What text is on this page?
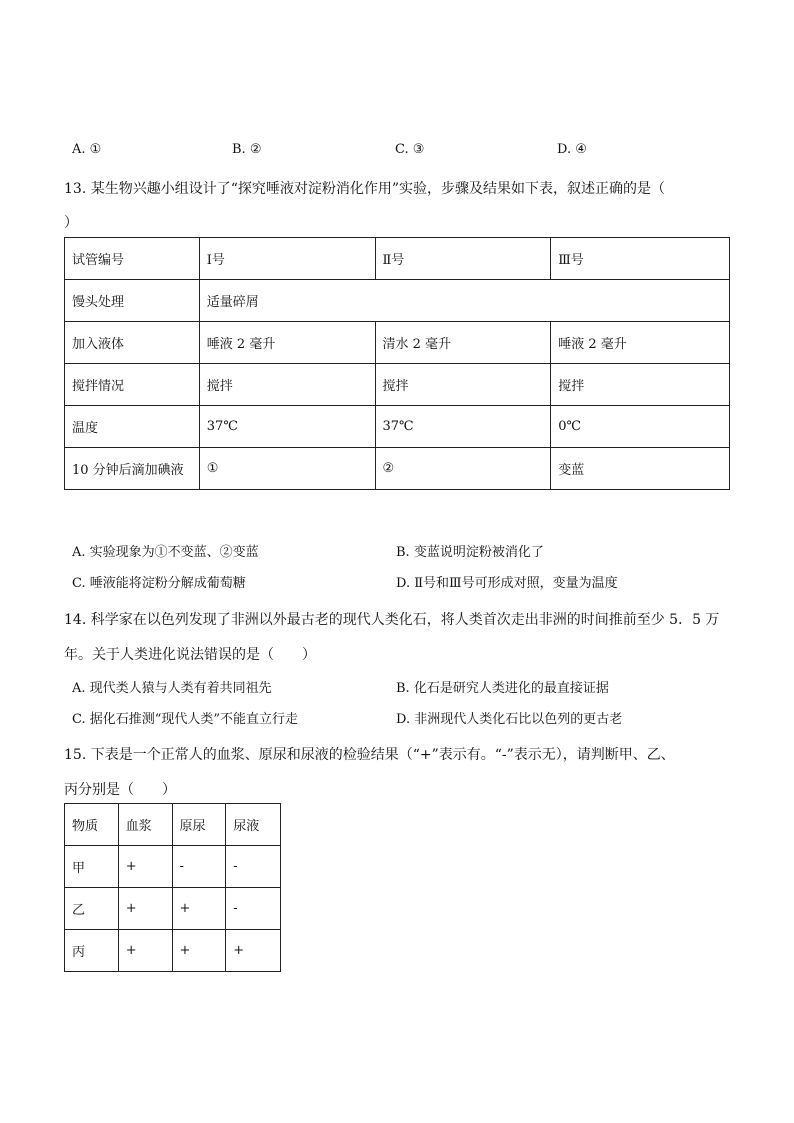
A. ①	B. ②	C. ③	D. ④
13. 某生物兴趣小组设计了“探究唾液对淀粉消化作用”实验，步骤及结果如下表，叙述正确的是（
）
试管编号	Ⅰ号	Ⅱ号	Ⅲ号
馒头处理	适量碎屑		
加入液体	唾液 2 毫升	清水 2 毫升	唾液 2 毫升
搅拌情况	搅拌	搅拌	搅拌
温度	37℃	37℃	0℃
10 分钟后滴加碘液	①	②	变蓝
A. 实验现象为①不变蓝、②变蓝	B. 变蓝说明淀粉被消化了
C. 唾液能将淀粉分解成葡萄糖	D. Ⅱ号和Ⅲ号可形成对照，变量为温度
14. 科学家在以色列发现了非洲以外最古老的现代人类化石，将人类首次走出非洲的时间推前至少 5．5 万
年。关于人类进化说法错误的是（　　）
A. 现代类人猿与人类有着共同祖先	B. 化石是研究人类进化的最直接证据
C. 据化石推测“现代人类”不能直立行走	D. 非洲现代人类化石比以色列的更古老
15. 下表是一个正常人的血浆、原尿和尿液的检验结果（“+”表示有。“-”表示无），请判断甲、乙、
丙分别是（　　）
物质	血浆	原尿	尿液
甲	+	-	-
乙	+	+	-
丙	+	+	+
